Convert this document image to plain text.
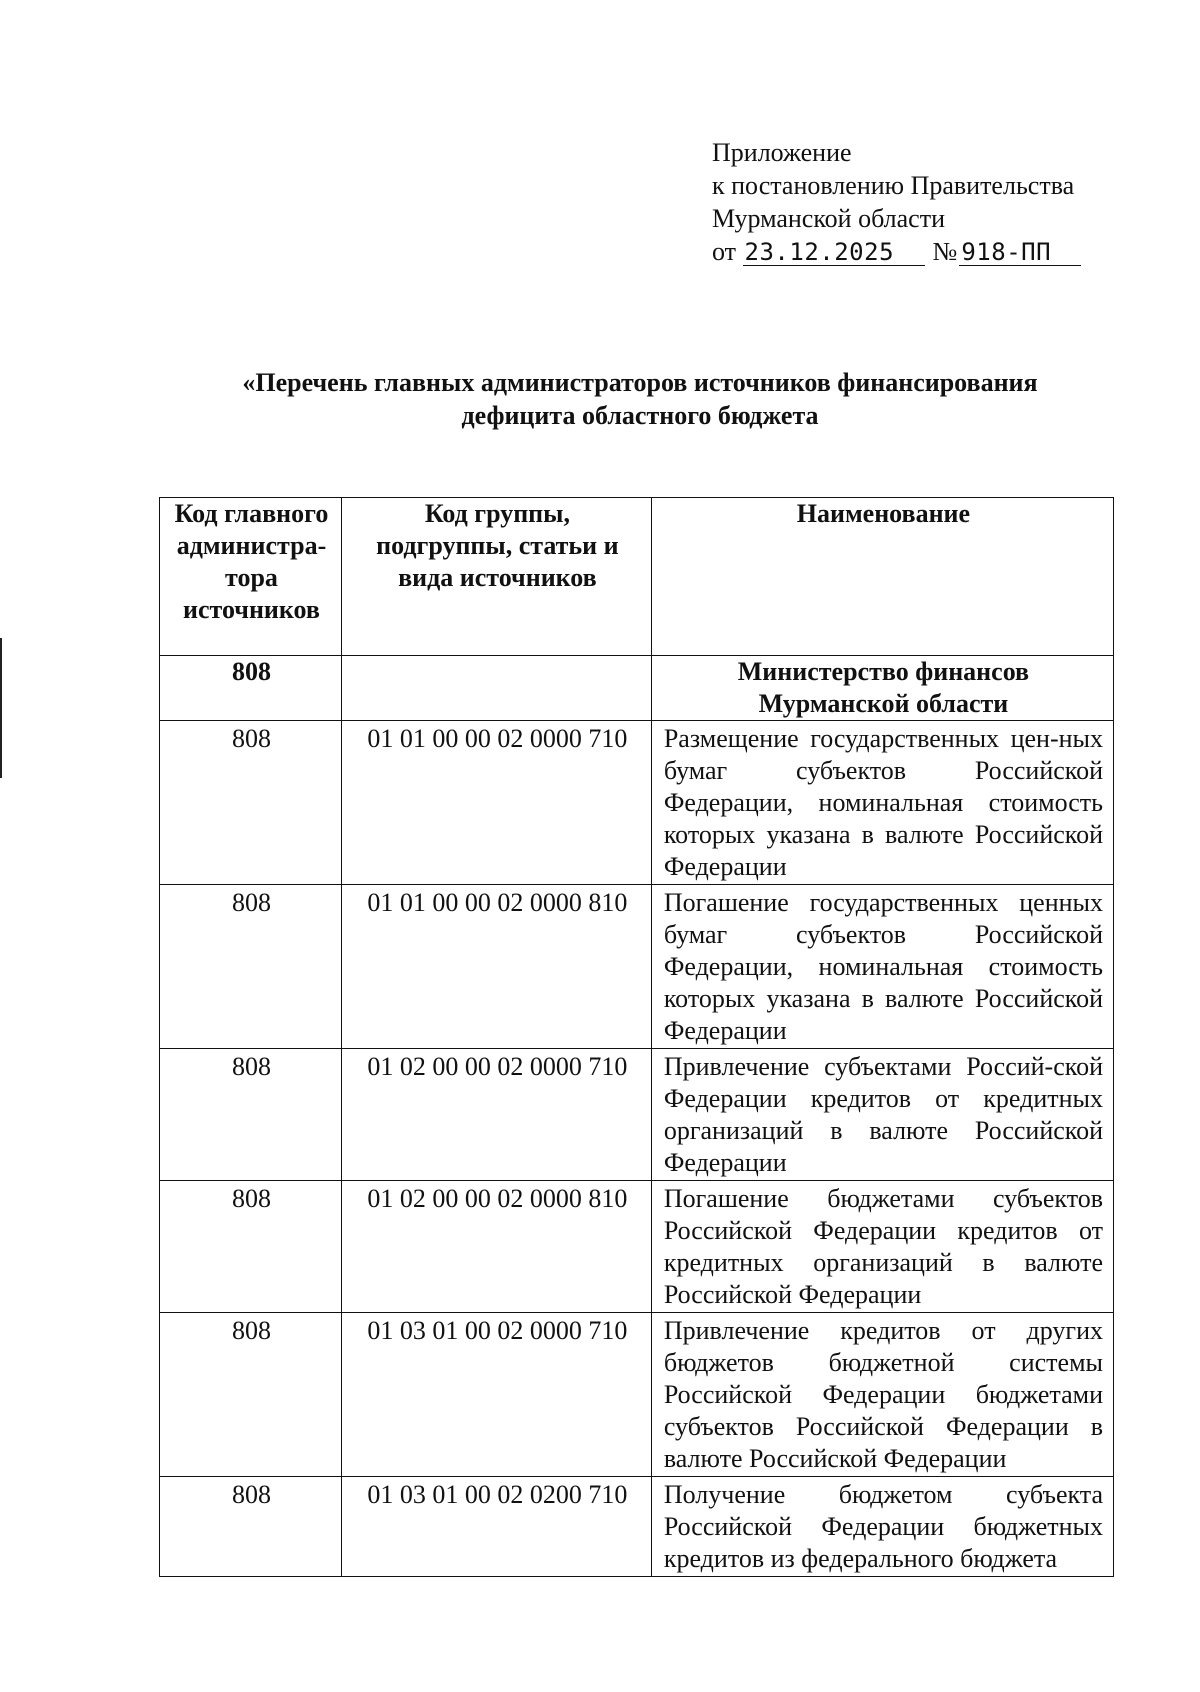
Приложение
к постановлению Правительства
Мурманской области
от 23.12.2025 № 918-ПП
«Перечень главных администраторов источников финансирования
дефицита областного бюджета
Код главного администра-тора источников	Код группы, подгруппы, статьи и вида источников	Наименование
808		Министерство финансов Мурманской области
808	01 01 00 00 02 0000 710	Размещение государственных цен-ных бумаг субъектов Российской Федерации, номинальная стоимость которых указана в валюте Российской Федерации
808	01 01 00 00 02 0000 810	Погашение государственных ценных бумаг субъектов Российской Федерации, номинальная стоимость которых указана в валюте Российской Федерации
808	01 02 00 00 02 0000 710	Привлечение субъектами Россий-ской Федерации кредитов от кредитных организаций в валюте Российской Федерации
808	01 02 00 00 02 0000 810	Погашение бюджетами субъектов Российской Федерации кредитов от кредитных организаций в валюте Российской Федерации
808	01 03 01 00 02 0000 710	Привлечение кредитов от других бюджетов бюджетной системы Российской Федерации бюджетами субъектов Российской Федерации в валюте Российской Федерации
808	01 03 01 00 02 0200 710	Получение бюджетом субъекта Российской Федерации бюджетных кредитов из федерального бюджета
